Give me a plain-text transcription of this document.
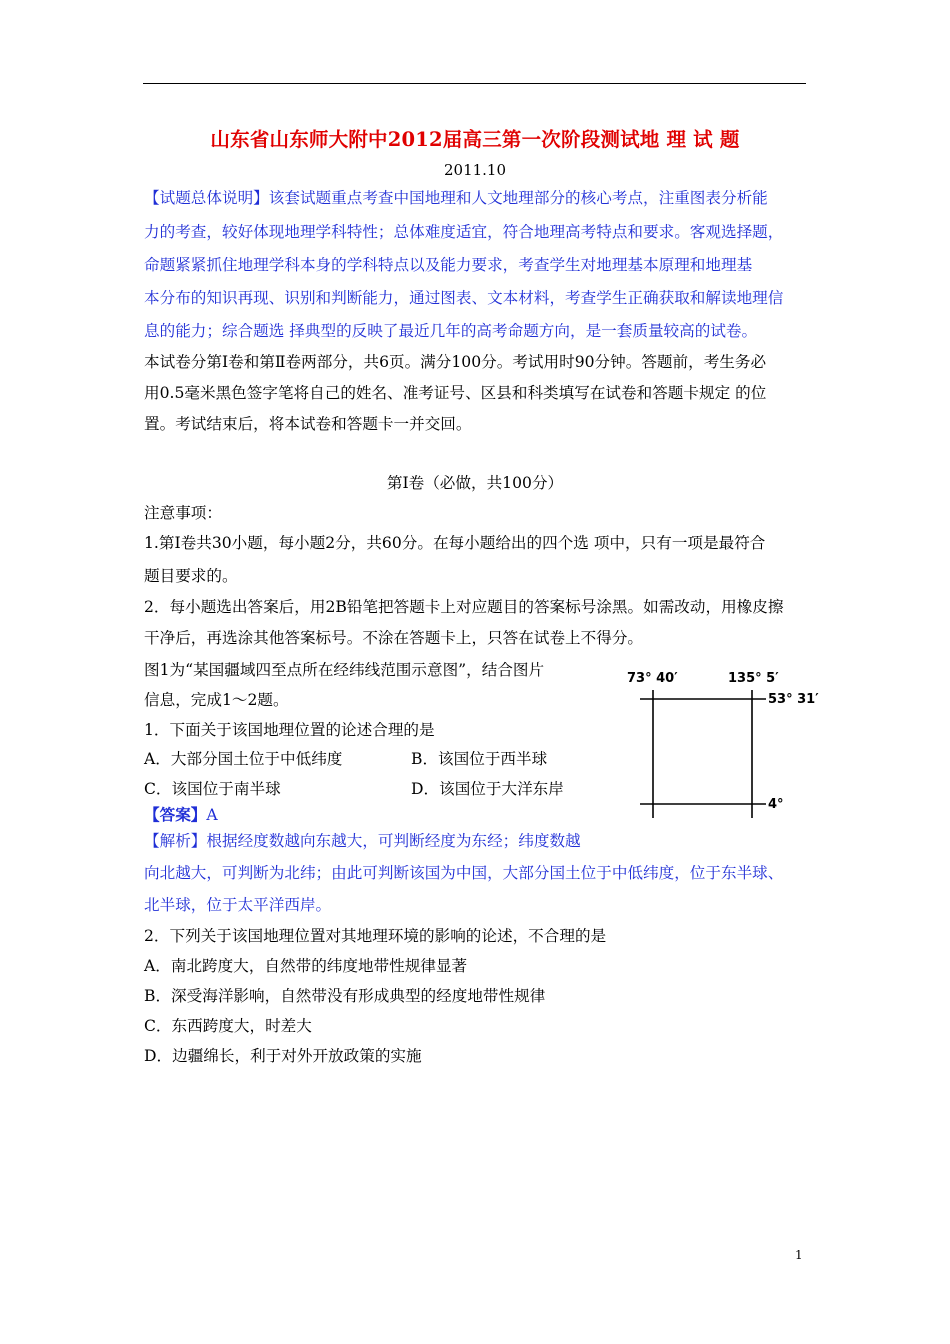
山东省山东师大附中2012届高三第一次阶段测试地 理 试 题
2011.10
【试题总体说明】该套试题重点考查中国地理和人文地理部分的核心考点，注重图表分析能
力的考查，较好体现地理学科特性；总体难度适宜，符合地理高考特点和要求。客观选择题，
命题紧紧抓住地理学科本身的学科特点以及能力要求，考查学生对地理基本原理和地理基
本分布的知识再现、识别和判断能力，通过图表、文本材料，考查学生正确获取和解读地理信
息的能力；综合题选 择典型的反映了最近几年的高考命题方向，是一套质量较高的试卷。
本试卷分第Ⅰ卷和第Ⅱ卷两部分，共6页。满分100分。考试用时90分钟。答题前，考生务必
用0.5毫米黑色签字笔将自己的姓名、准考证号、区县和科类填写在试卷和答题卡规定 的位
置。考试结束后，将本试卷和答题卡一并交回。
第Ⅰ卷（必做，共100分）
注意事项：
1.第Ⅰ卷共30小题，每小题2分，共60分。在每小题给出的四个选 项中，只有一项是最符合
题目要求的。
2．每小题选出答案后，用2B铅笔把答题卡上对应题目的答案标号涂黑。如需改动，用橡皮擦
干净后，再选涂其他答案标号。不涂在答题卡上，只答在试卷上不得分。
图1为“某国疆域四至点所在经纬线范围示意图”，结合图片
信息，完成1～2题。
73° 40′	135° 5′
53° 31′
4°
1．下面关于该国地理位置的论述合理的是
A．大部分国土位于中低纬度	B．该国位于西半球
C．该国位于南半球	D．该国位于大洋东岸
【答案】A
【解析】根据经度数越向东越大，可判断经度为东经；纬度数越
向北越大，可判断为北纬；由此可判断该国为中国，大部分国土位于中低纬度，位于东半球、
北半球，位于太平洋西岸。
2．下列关于该国地理位置对其地理环境的影响的论述，不合理的是
A．南北跨度大，自然带的纬度地带性规律显著
B．深受海洋影响，自然带没有形成典型的经度地带性规律
C．东西跨度大，时差大
D．边疆绵长，利于对外开放政策的实施
1
